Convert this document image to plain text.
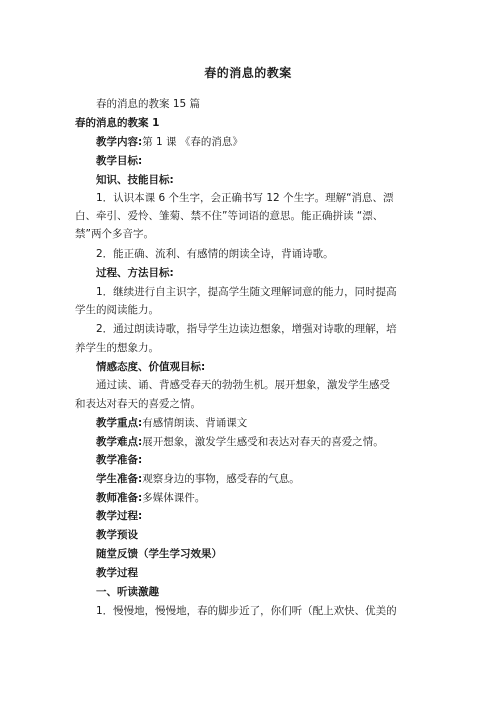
春的消息的教案
春的消息的教案 15 篇
春的消息的教案 1
教学内容:第 1 课 《春的消息》
教学目标:
知识、技能目标:
1．认识本课 6 个生字，会正确书写 12 个生字。理解“消息、漂
白、牵引、爱怜、雏菊、禁不住”等词语的意思。能正确拼读 “漂、
禁”两个多音字。
2．能正确、流利、有感情的朗读全诗，背诵诗歌。
过程、方法目标:
1．继续进行自主识字，提高学生随文理解词意的能力，同时提高
学生的阅读能力。
2．通过朗读诗歌，指导学生边读边想象，增强对诗歌的理解，培
养学生的想象力。
情感态度、价值观目标:
通过读、诵、背感受春天的勃勃生机。展开想象，激发学生感受
和表达对春天的喜爱之情。
教学重点:有感情朗读、背诵课文
教学难点:展开想象，激发学生感受和表达对春天的喜爱之情。
教学准备:
学生准备:观察身边的事物，感受春的气息。
教师准备:多媒体课件。
教学过程:
教学预设
随堂反馈（学生学习效果）
教学过程
一、听读激趣
1．慢慢地，慢慢地，春的脚步近了，你们听（配上欢快、优美的
